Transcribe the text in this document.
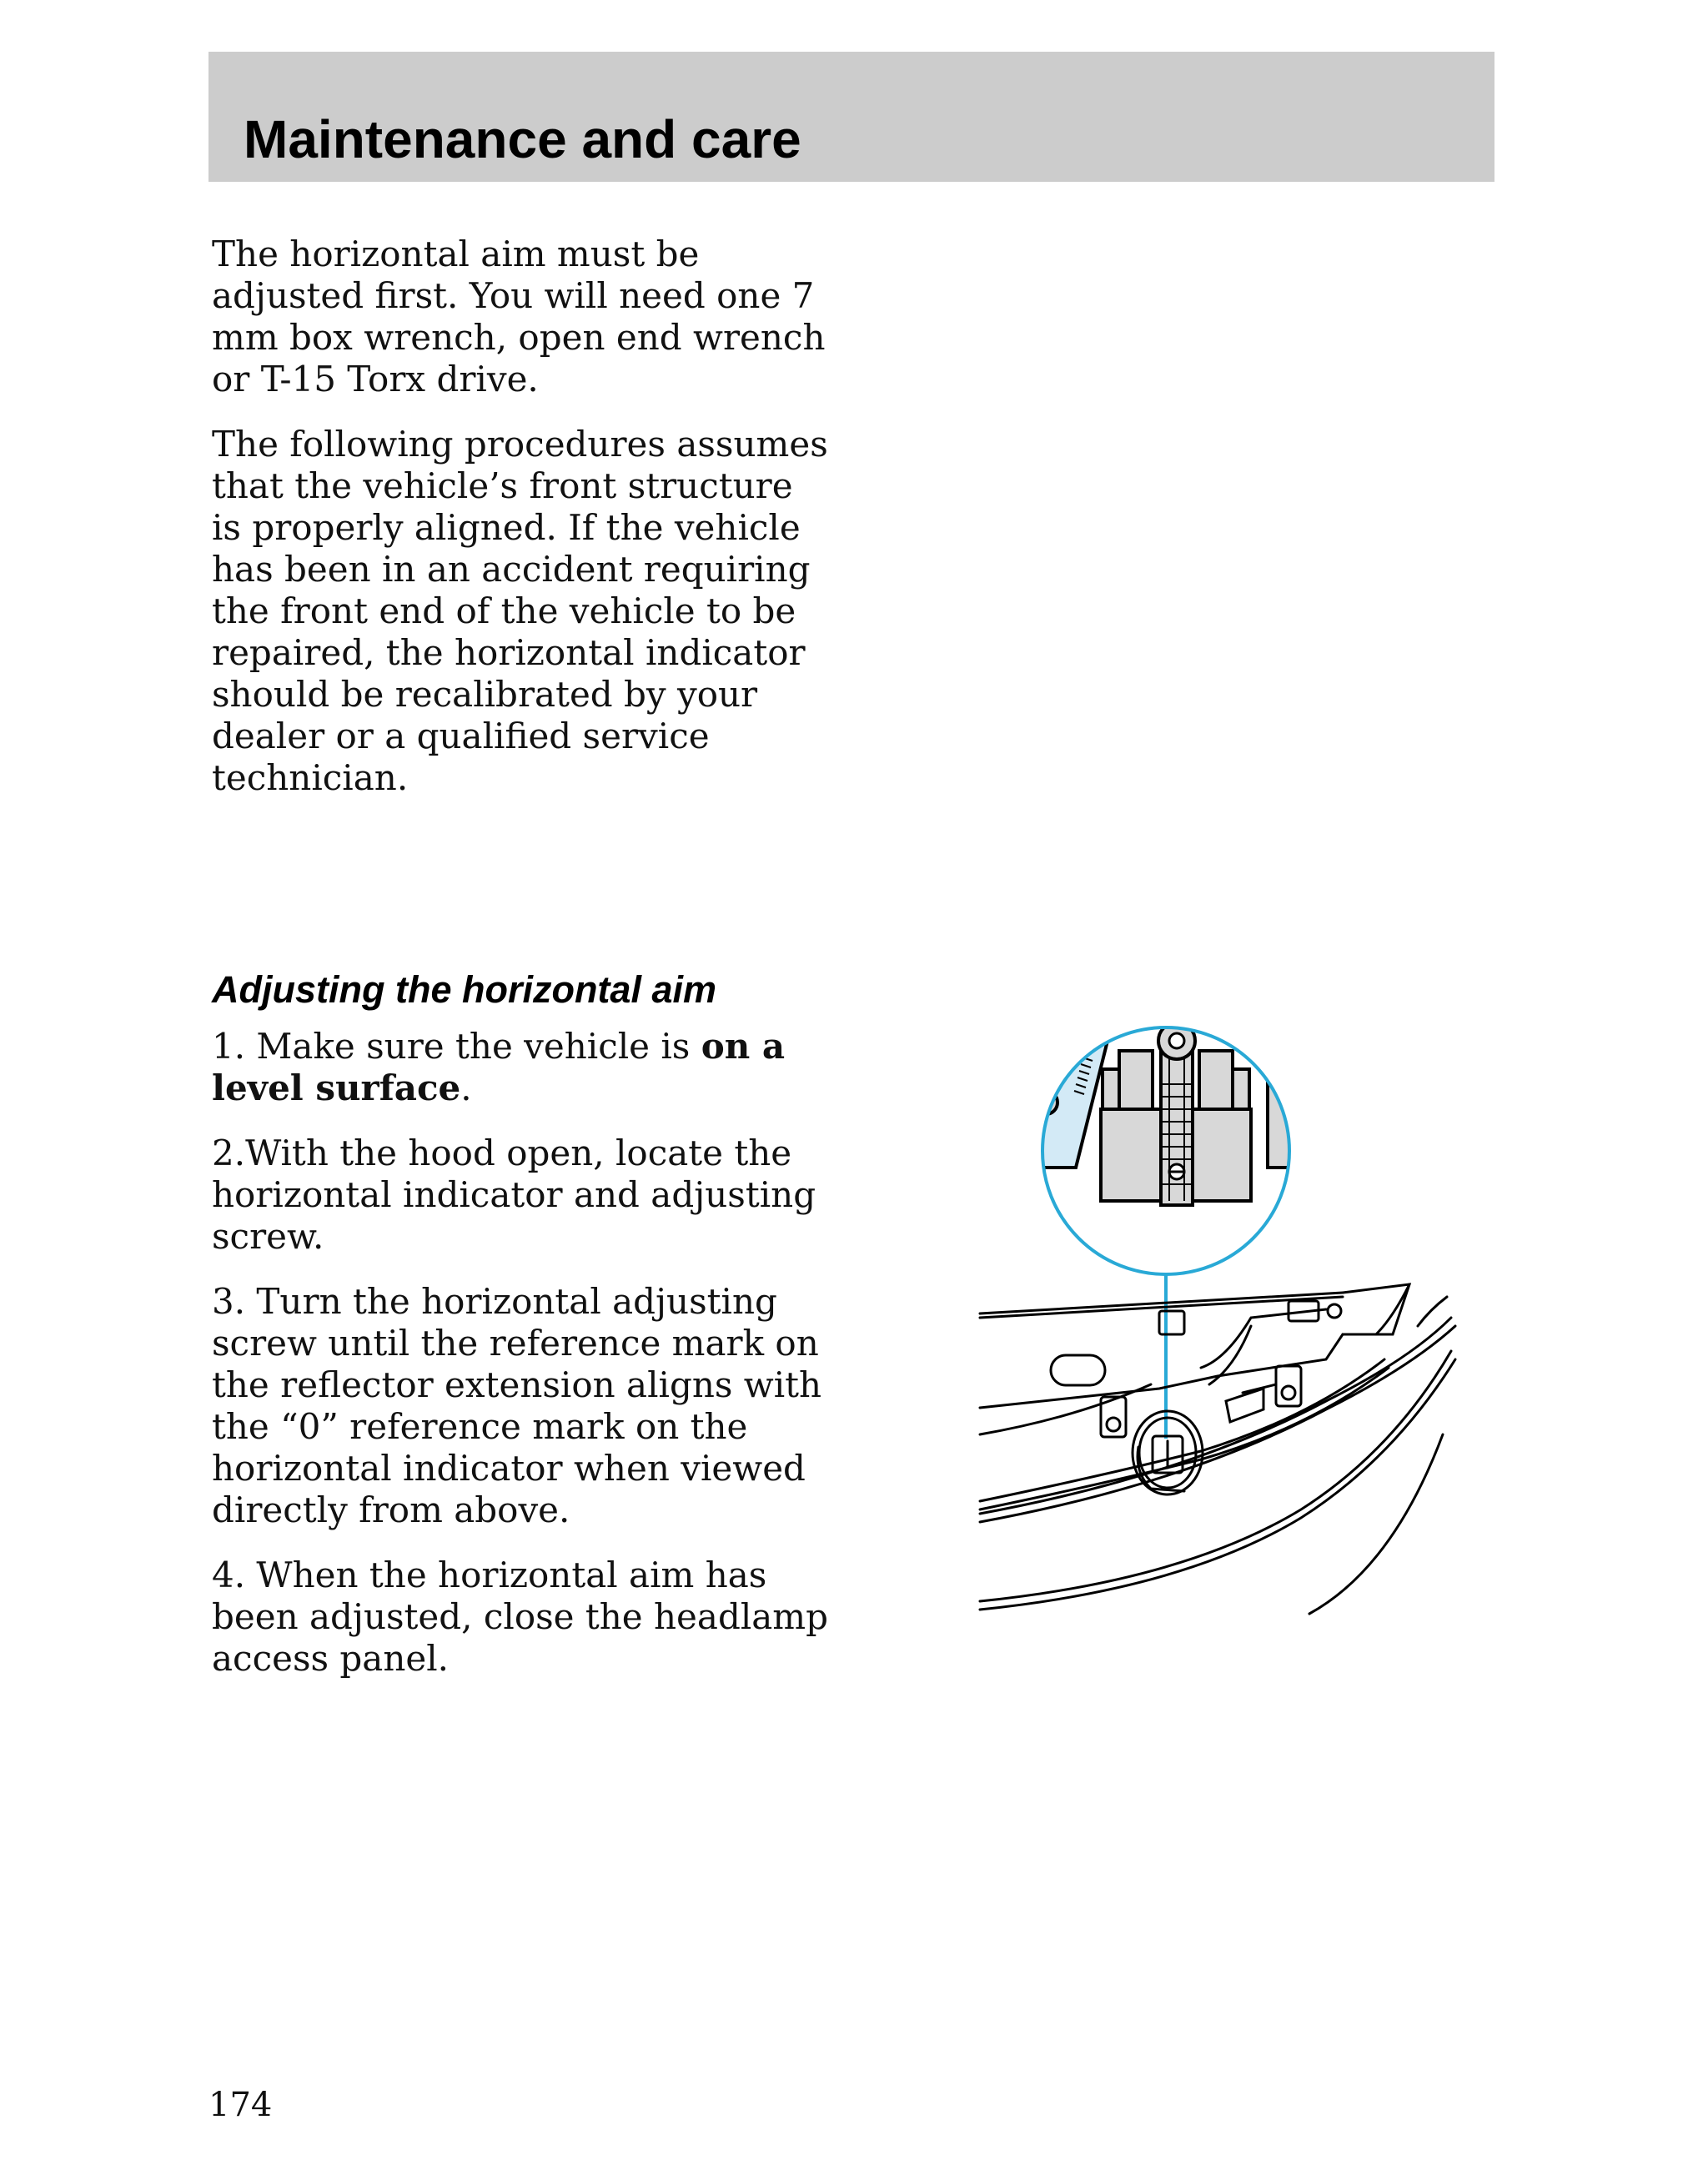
Maintenance and care

The horizontal aim must be adjusted first. You will need one 7 mm box wrench, open end wrench or T-15 Torx drive.

The following procedures assumes that the vehicle’s front structure is properly aligned. If the vehicle has been in an accident requiring the front end of the vehicle to be repaired, the horizontal indicator should be recalibrated by your dealer or a qualified service technician.

Adjusting the horizontal aim

1. Make sure the vehicle is on a level surface.

2.With the hood open, locate the horizontal indicator and adjusting screw.

3. Turn the horizontal adjusting screw until the reference mark on the reflector extension aligns with the “0” reference mark on the horizontal indicator when viewed directly from above.

4. When the horizontal aim has been adjusted, close the headlamp access panel.

174
